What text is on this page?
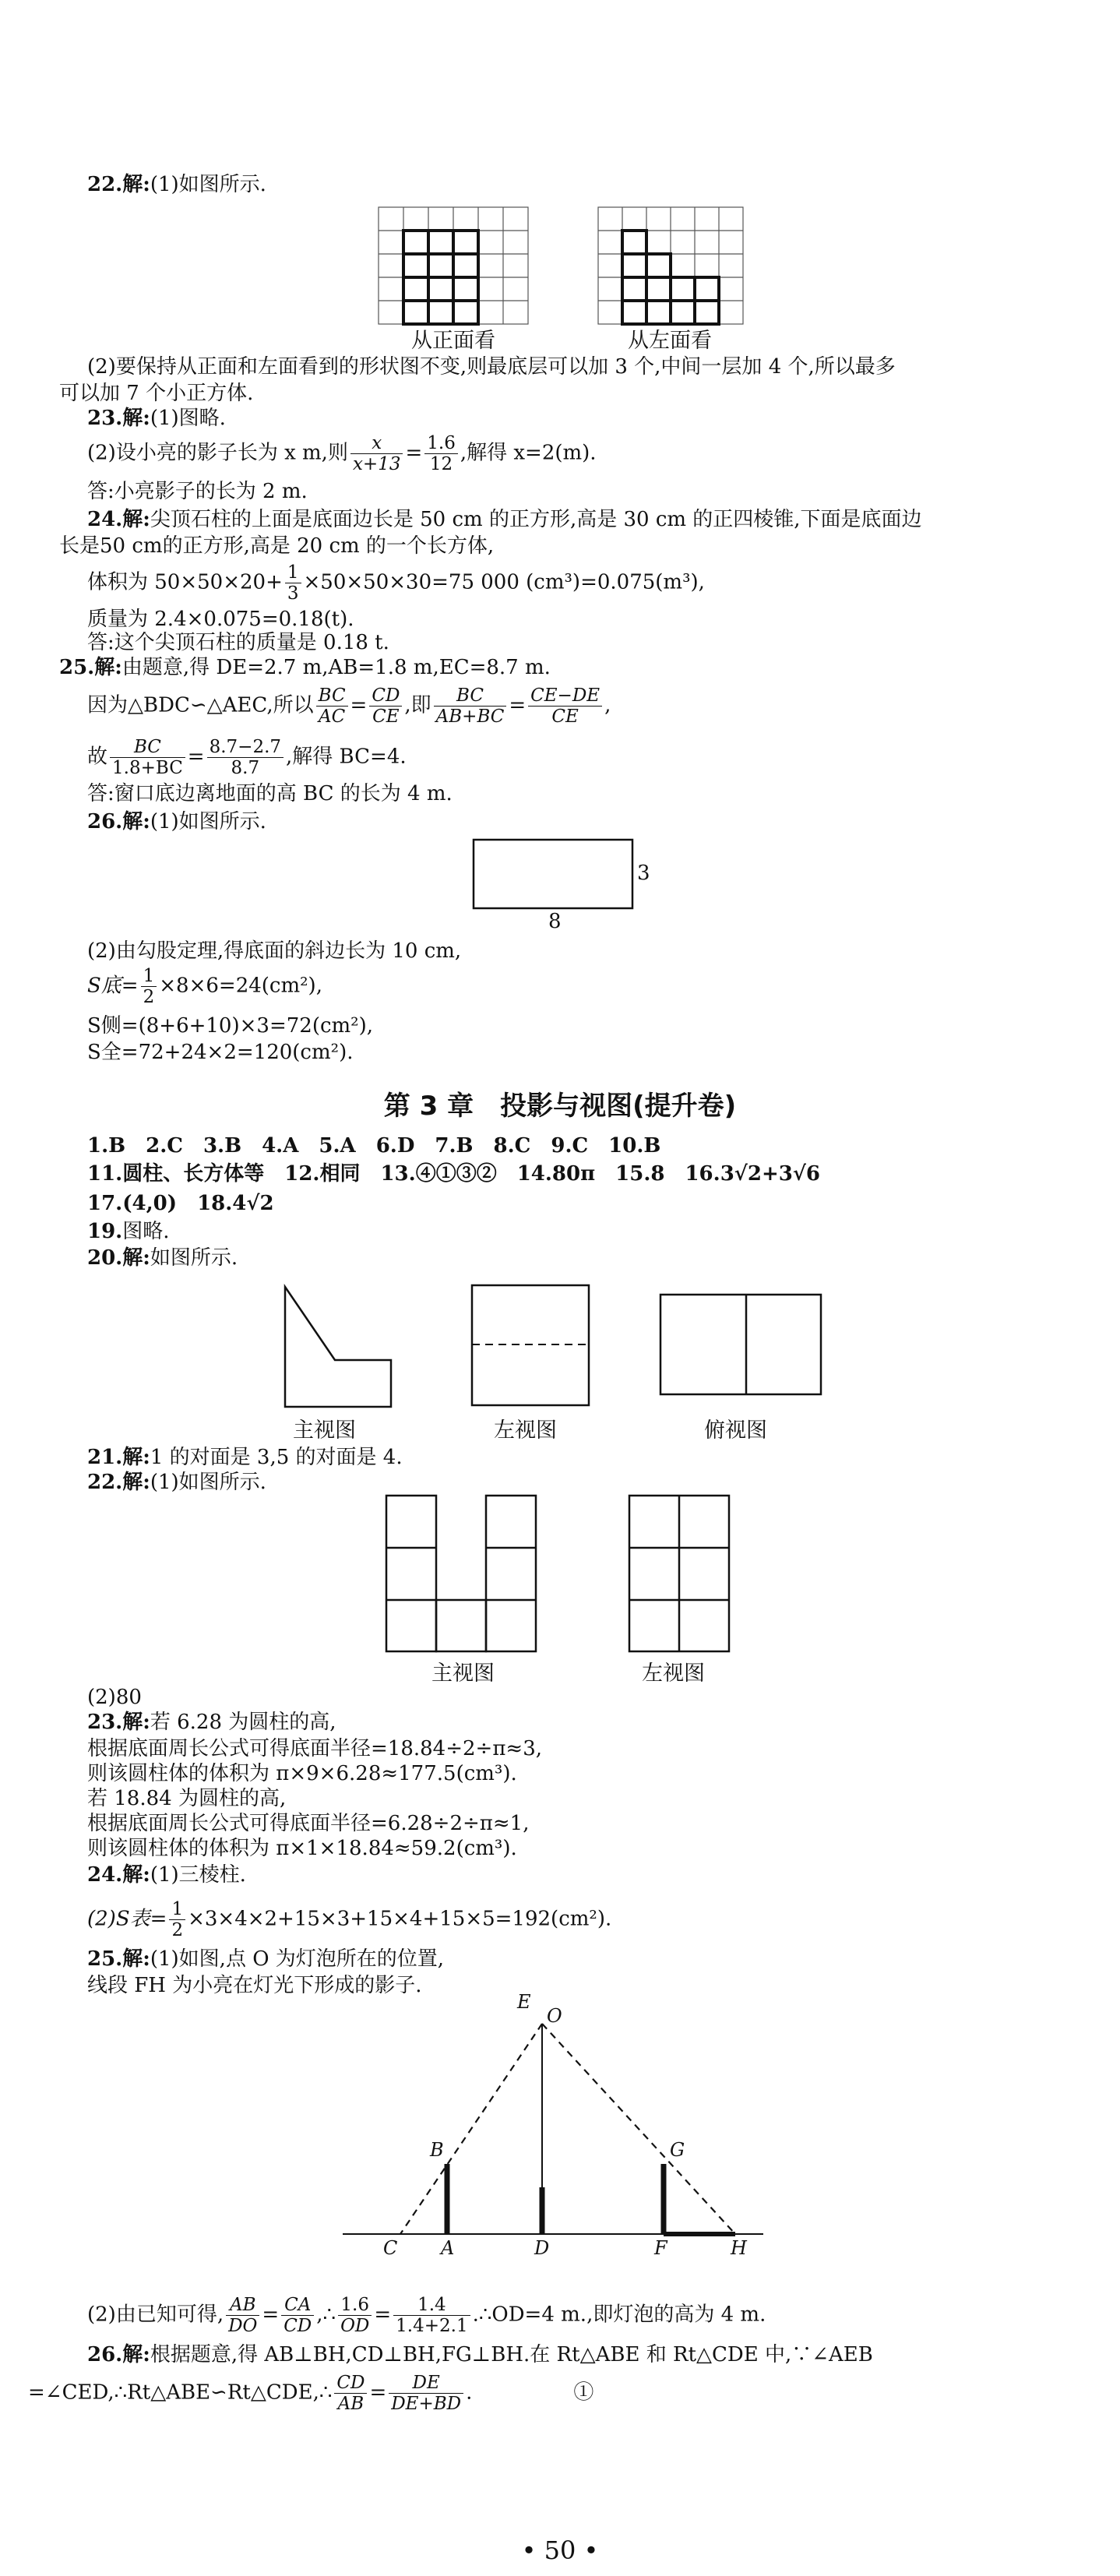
22.解:(1)如图所示.
从正面看	从左面看
(2)要保持从正面和左面看到的形状图不变,则最底层可以加 3 个,中间一层加 4 个,所以最多
可以加 7 个小正方体.
23.解:(1)图略.
(2)设小亮的影子长为 x m,则 $\frac{x}{x+13} = \frac{1.6}{12}$ ,解得 x=2(m).
答:小亮影子的长为 2 m.
24.解:尖顶石柱的上面是底面边长是 50 cm 的正方形,高是 30 cm 的正四棱锥,下面是底面边
长是50 cm的正方形,高是 20 cm 的一个长方体,
体积为 $50\times 50\times 20+ \frac{1}{3} \times 50\times 50\times 30=75$ 000 (cm³)=0.075(m³),
质量为 2.4×0.075=0.18(t).
答:这个尖顶石柱的质量是 0.18 t.
25.解:由题意,得 DE=2.7 m,AB=1.8 m,EC=8.7 m.
因为△BDC∽△AEC,所以 $\frac{BC}{AC} = \frac{CD}{CE}$ ,即 $\frac{BC}{AB+BC} = \frac{CE-DE}{CE}$ ,
故 $\frac{BC}{1.8+BC} = \frac{8.7-2.7}{8.7}$ ,解得 BC=4.
答:窗口底边离地面的高 BC 的长为 4 m.
26.解:(1)如图所示.
3
8
(2)由勾股定理,得底面的斜边长为 10 cm,
S底= $\frac{1}{2} \times 8\times 6=24(cm^2)$,
S侧=(8+6+10)×3=72(cm²),
S全=72+24×2=120(cm²).
第 3 章　投影与视图(提升卷)
1.B　2.C　3.B　4.A　5.A　6.D　7.B　8.C　9.C　10.B
11.圆柱、长方体等　12.相同　13.④①③②　14.80π　15.8　16.3√2+3√6
17.(4,0)　18.4√2
19.图略.
20.解:如图所示.
主视图	左视图	俯视图
21.解:1 的对面是 3,5 的对面是 4.
22.解:(1)如图所示.
主视图	左视图
(2)80
23.解:若 6.28 为圆柱的高,
根据底面周长公式可得底面半径=18.84÷2÷π≈3,
则该圆柱体的体积为 π×9×6.28≈177.5(cm³).
若 18.84 为圆柱的高,
根据底面周长公式可得底面半径=6.28÷2÷π≈1,
则该圆柱体的体积为 π×1×18.84≈59.2(cm³).
24.解:(1)三棱柱.
(2)S表= $\frac{1}{2} \times 3\times 4\times 2+15\times 3+15\times 4+15\times 5=192(cm^2)$.
25.解:(1)如图,点 O 为灯泡所在的位置,
线段 FH 为小亮在灯光下形成的影子.
E
O
B	G
C A	D	F	H
(2)由已知可得, $\frac{AB}{DO} = \frac{CA}{CD}$ ,∴ $\frac{1.6}{OD} = \frac{1.4}{1.4+2.1}$ .∴OD=4 m.,即灯泡的高为 4 m.
26.解:根据题意,得 AB⊥BH,CD⊥BH,FG⊥BH.在 Rt△ABE 和 Rt△CDE 中,∵∠AEB
=∠CED,∴Rt△ABE∽Rt△CDE,∴ $\frac{CD}{AB} = \frac{DE}{DE+BD}$ .　　　　　①
• 50 •
